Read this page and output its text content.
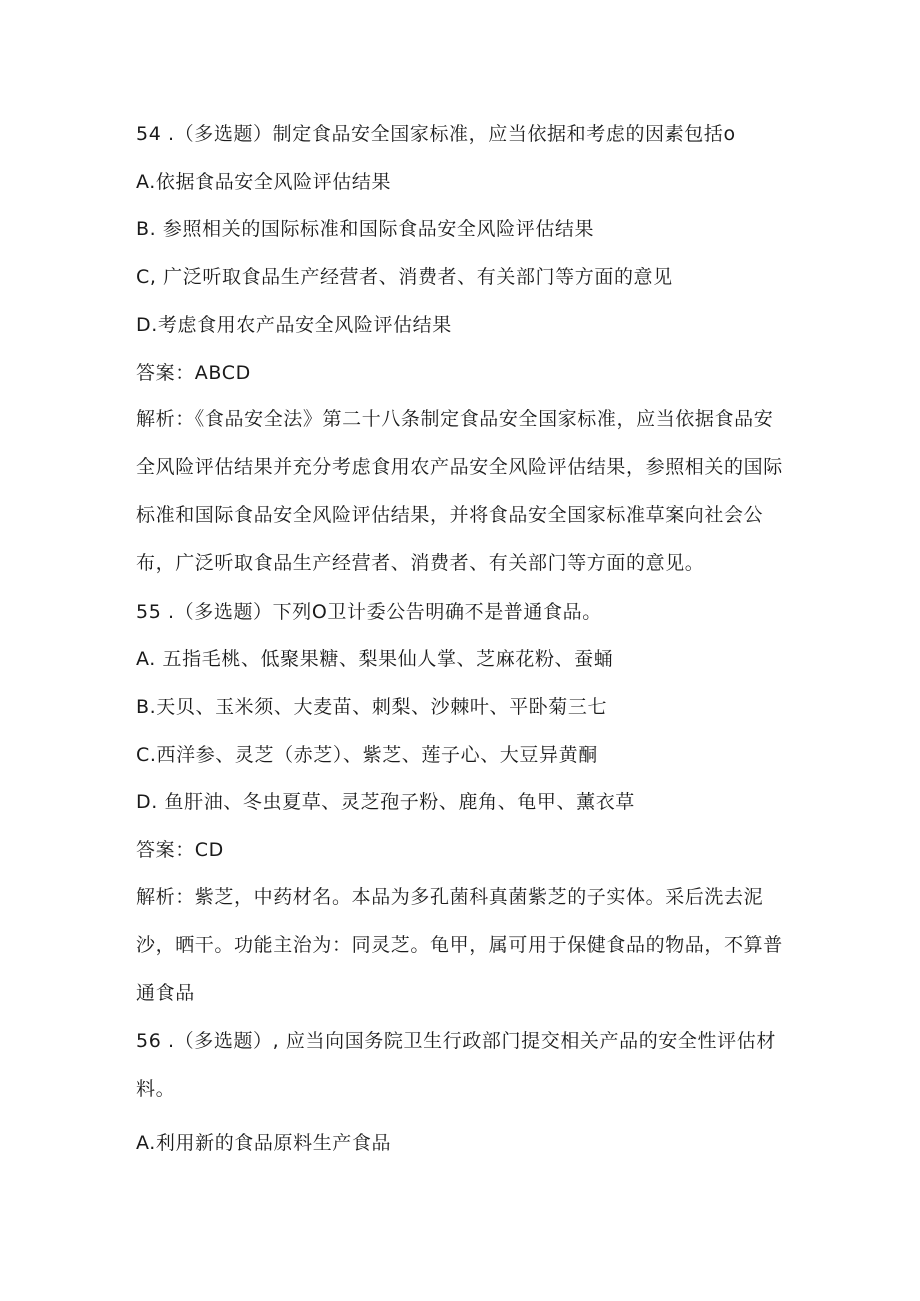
54 .（多选题）制定食品安全国家标准，应当依据和考虑的因素包括o
A.依据食品安全风险评估结果
B. 参照相关的国际标准和国际食品安全风险评估结果
C, 广泛听取食品生产经营者、消费者、有关部门等方面的意见
D.考虑食用农产品安全风险评估结果
答案：ABCD
解析：《食品安全法》第二十八条制定食品安全国家标准，应当依据食品安全风险评估结果并充分考虑食用农产品安全风险评估结果，参照相关的国际标准和国际食品安全风险评估结果，并将食品安全国家标准草案向社会公布，广泛听取食品生产经营者、消费者、有关部门等方面的意见。
55 .（多选题）下列O卫计委公告明确不是普通食品。
A. 五指毛桃、低聚果糖、梨果仙人掌、芝麻花粉、蚕蛹
B.天贝、玉米须、大麦苗、刺梨、沙棘叶、平卧菊三七
C.西洋参、灵芝（赤芝）、紫芝、莲子心、大豆异黄酮
D. 鱼肝油、冬虫夏草、灵芝孢子粉、鹿角、龟甲、薰衣草
答案：CD
解析：紫芝，中药材名。本品为多孔菌科真菌紫芝的子实体。采后洗去泥沙，晒干。功能主治为：同灵芝。龟甲，属可用于保健食品的物品，不算普通食品
56 .（多选题）, 应当向国务院卫生行政部门提交相关产品的安全性评估材料。
A.利用新的食品原料生产食品
